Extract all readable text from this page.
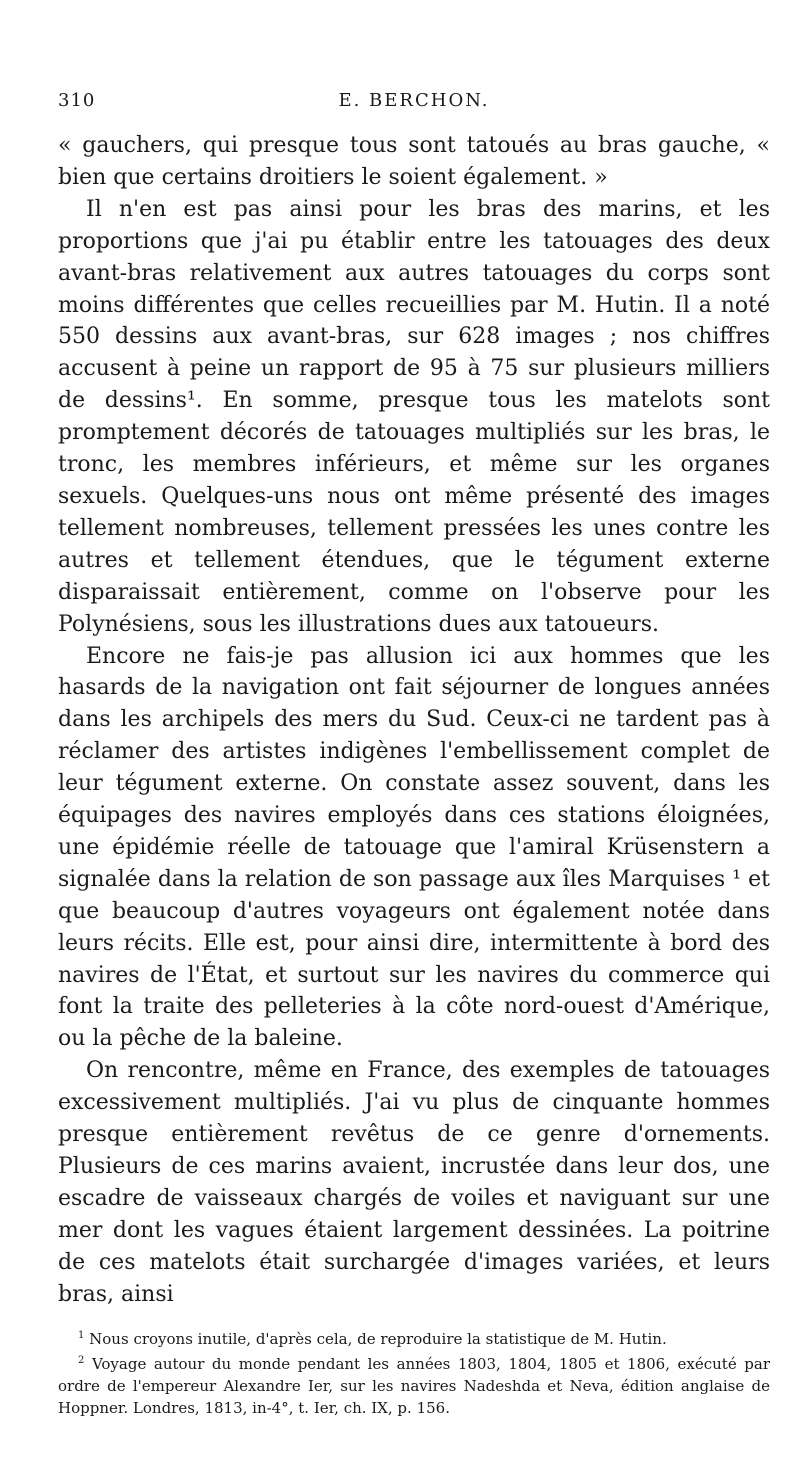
310	E. BERCHON.

« gauchers, qui presque tous sont tatoués au bras gauche, « bien que certains droitiers le soient également. »

Il n'en est pas ainsi pour les bras des marins, et les proportions que j'ai pu établir entre les tatouages des deux avant-bras relativement aux autres tatouages du corps sont moins différentes que celles recueillies par M. Hutin. Il a noté 550 dessins aux avant-bras, sur 628 images ; nos chiffres accusent à peine un rapport de 95 à 75 sur plusieurs milliers de dessins¹. En somme, presque tous les matelots sont promptement décorés de tatouages multipliés sur les bras, le tronc, les membres inférieurs, et même sur les organes sexuels. Quelques-uns nous ont même présenté des images tellement nombreuses, tellement pressées les unes contre les autres et tellement étendues, que le tégument externe disparaissait entièrement, comme on l'observe pour les Polynésiens, sous les illustrations dues aux tatoueurs.

Encore ne fais-je pas allusion ici aux hommes que les hasards de la navigation ont fait séjourner de longues années dans les archipels des mers du Sud. Ceux-ci ne tardent pas à réclamer des artistes indigènes l'embellissement complet de leur tégument externe. On constate assez souvent, dans les équipages des navires employés dans ces stations éloignées, une épidémie réelle de tatouage que l'amiral Krüsenstern a signalée dans la relation de son passage aux îles Marquises ¹ et que beaucoup d'autres voyageurs ont également notée dans leurs récits. Elle est, pour ainsi dire, intermittente à bord des navires de l'État, et surtout sur les navires du commerce qui font la traite des pelleteries à la côte nord-ouest d'Amérique, ou la pêche de la baleine.

On rencontre, même en France, des exemples de tatouages excessivement multipliés. J'ai vu plus de cinquante hommes presque entièrement revêtus de ce genre d'ornements. Plusieurs de ces marins avaient, incrustée dans leur dos, une escadre de vaisseaux chargés de voiles et naviguant sur une mer dont les vagues étaient largement dessinées. La poitrine de ces matelots était surchargée d'images variées, et leurs bras, ainsi

$^1$ Nous croyons inutile, d'après cela, de reproduire la statistique de M. Hutin.

$^2$ Voyage autour du monde pendant les années 1803, 1804, 1805 et 1806, exécuté par ordre de l'empereur Alexandre Ier, sur les navires Nadeshda et Neva, édition anglaise de Hoppner. Londres, 1813, in-4°, t. Ier, ch. IX, p. 156.
